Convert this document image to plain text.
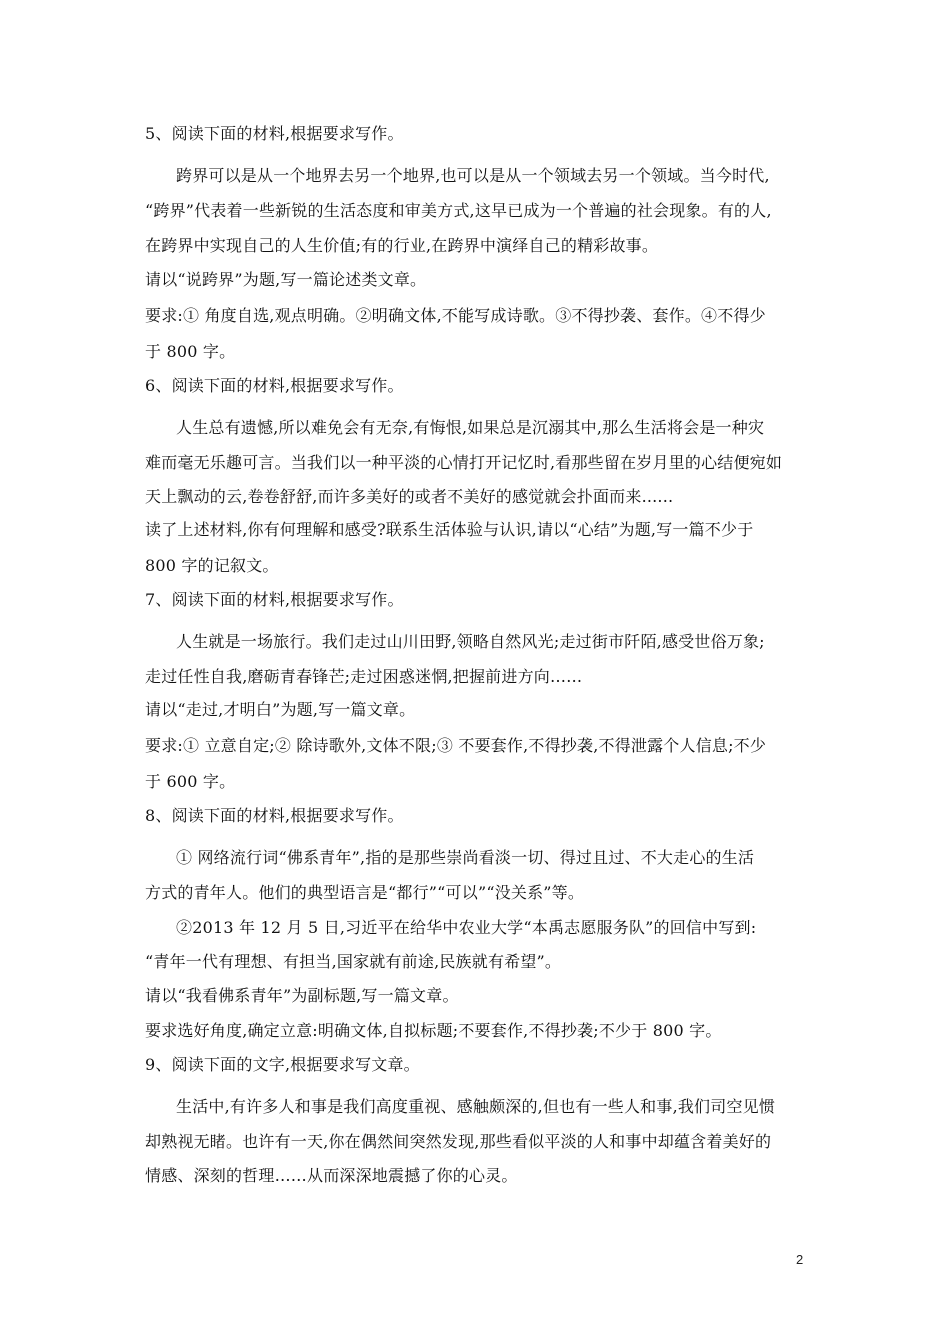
5、阅读下面的材料,根据要求写作。
跨界可以是从一个地界去另一个地界,也可以是从一个领域去另一个领域。当今时代,
“跨界”代表着一些新锐的生活态度和审美方式,这早已成为一个普遍的社会现象。有的人,
在跨界中实现自己的人生价值;有的行业,在跨界中演绎自己的精彩故事。
请以“说跨界”为题,写一篇论述类文章。
要求:① 角度自选,观点明确。②明确文体,不能写成诗歌。③不得抄袭、套作。④不得少
于 800 字。
6、阅读下面的材料,根据要求写作。
人生总有遗憾,所以难免会有无奈,有悔恨,如果总是沉溺其中,那么生活将会是一种灾
难而毫无乐趣可言。当我们以一种平淡的心情打开记忆时,看那些留在岁月里的心结便宛如
天上飘动的云,卷卷舒舒,而许多美好的或者不美好的感觉就会扑面而来......
读了上述材料,你有何理解和感受?联系生活体验与认识,请以“心结”为题,写一篇不少于
800 字的记叙文。
7、阅读下面的材料,根据要求写作。
人生就是一场旅行。我们走过山川田野,领略自然风光;走过街市阡陌,感受世俗万象;
走过任性自我,磨砺青春锋芒;走过困惑迷惘,把握前进方向……
请以“走过,才明白”为题,写一篇文章。
要求:① 立意自定;② 除诗歌外,文体不限;③ 不要套作,不得抄袭,不得泄露个人信息;不少
于 600 字。
8、阅读下面的材料,根据要求写作。
① 网络流行词“佛系青年”,指的是那些崇尚看淡一切、得过且过、不大走心的生活
方式的青年人。他们的典型语言是“都行”“可以”“没关系”等。
②2013 年 12 月 5 日,习近平在给华中农业大学“本禹志愿服务队”的回信中写到:
“青年一代有理想、有担当,国家就有前途,民族就有希望”。
请以“我看佛系青年”为副标题,写一篇文章。
要求选好角度,确定立意:明确文体,自拟标题;不要套作,不得抄袭;不少于 800 字。
9、阅读下面的文字,根据要求写文章。
生活中,有许多人和事是我们高度重视、感触颇深的,但也有一些人和事,我们司空见惯
却熟视无睹。也许有一天,你在偶然间突然发现,那些看似平淡的人和事中却蕴含着美好的
情感、深刻的哲理……从而深深地震撼了你的心灵。
2
